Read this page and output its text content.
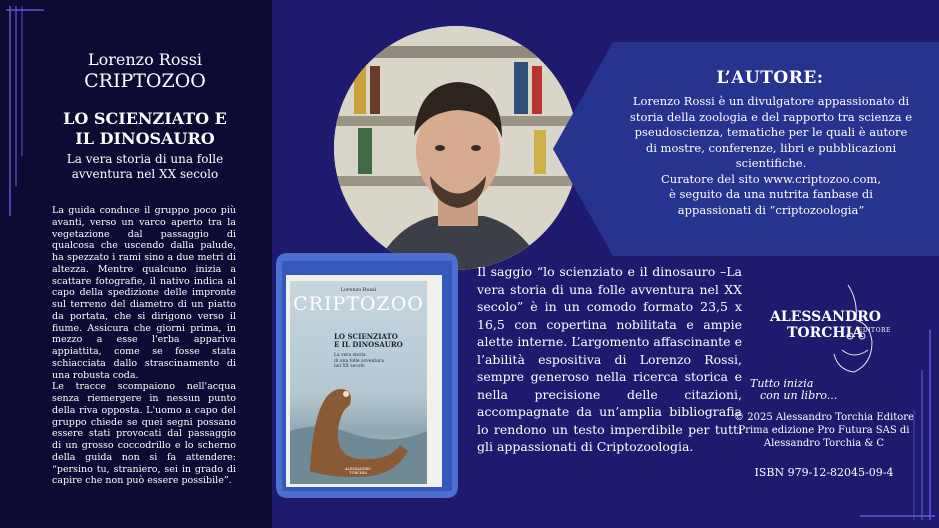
Lorenzo Rossi
CRIPTOZOO
LO SCIENZIATO E
IL DINOSAURO
La vera storia di una folle
avventura nel XX secolo

La guida conduce il gruppo poco più avanti, verso un varco aperto tra la vegetazione dal passaggio di qualcosa che uscendo dalla palude, ha spezzato i rami sino a due metri di altezza. Mentre qualcuno inizia a scattare fotografie, il nativo indica al capo della spedizione delle impronte sul terreno del diametro di un piatto da portata, che si dirigono verso il fiume. Assicura che giorni prima, in mezzo a esse l'erba appariva appiattita, come se fosse stata schiacciata dallo strascinamento di una robusta coda.

Le tracce scompaiono nell'acqua senza riemergere in nessun punto della riva opposta. L'uomo a capo del gruppo chiede se quei segni possano essere stati provocati dal passaggio di un grosso coccodrillo e lo scherno della guida non si fa attendere: “persino tu, straniero, sei in grado di capire che non può essere possibile”.

L’AUTORE:
Lorenzo Rossi è un divulgatore appassionato di
storia della zoologia e del rapporto tra scienza e
pseudoscienza, tematiche per le quali è autore
di mostre, conferenze, libri e pubblicazioni
scientifiche.
Curatore del sito www.criptozoo.com,
è seguito da una nutrita fanbase di
appassionati di “criptozoologia”
Lorenzo Rossi
CRIPTOZOO
LO SCIENZIATO
E IL DINOSAURO
La vera storia
di una folle avventura
nel XX secolo
ALESSANDRO TORCHIA
Il saggio “lo scienziato e il dinosauro –La vera storia di una folle avventura nel XX secolo” è in un comodo formato 23,5 x 16,5 con copertina nobilitata e ampie alette interne. L’argomento affascinante e l’abilità espositiva di Lorenzo Rossi, sempre generoso nella ricerca storica e nella precisione delle citazioni, accompagnate da un’amplia bibliografia lo rendono un testo imperdibile per tutti gli appassionati di Criptozoologia.
ALESSANDRO
TORCHIA
EDITORE
Tutto inizia
con un libro...
© 2025 Alessandro Torchia Editore
Prima edizione Pro Futura SAS di
Alessandro Torchia & C
ISBN 979-12-82045-09-4
